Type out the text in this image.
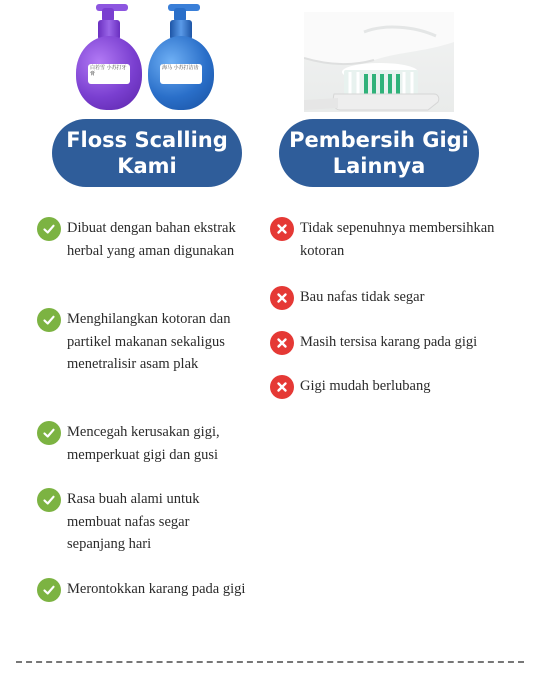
白若雪 小苏打牙膏
海马 小苏打洁齿
Floss Scalling
Kami
Dibuat dengan bahan ekstrak herbal yang aman digunakan
Menghilangkan kotoran dan partikel makanan sekaligus menetralisir asam plak
Mencegah kerusakan gigi, memperkuat gigi dan gusi
Rasa buah alami untuk membuat nafas segar sepanjang hari
Merontokkan karang pada gigi
Pembersih Gigi
Lainnya
Tidak sepenuhnya membersihkan kotoran
Bau nafas tidak segar
Masih tersisa karang pada gigi
Gigi mudah berlubang
